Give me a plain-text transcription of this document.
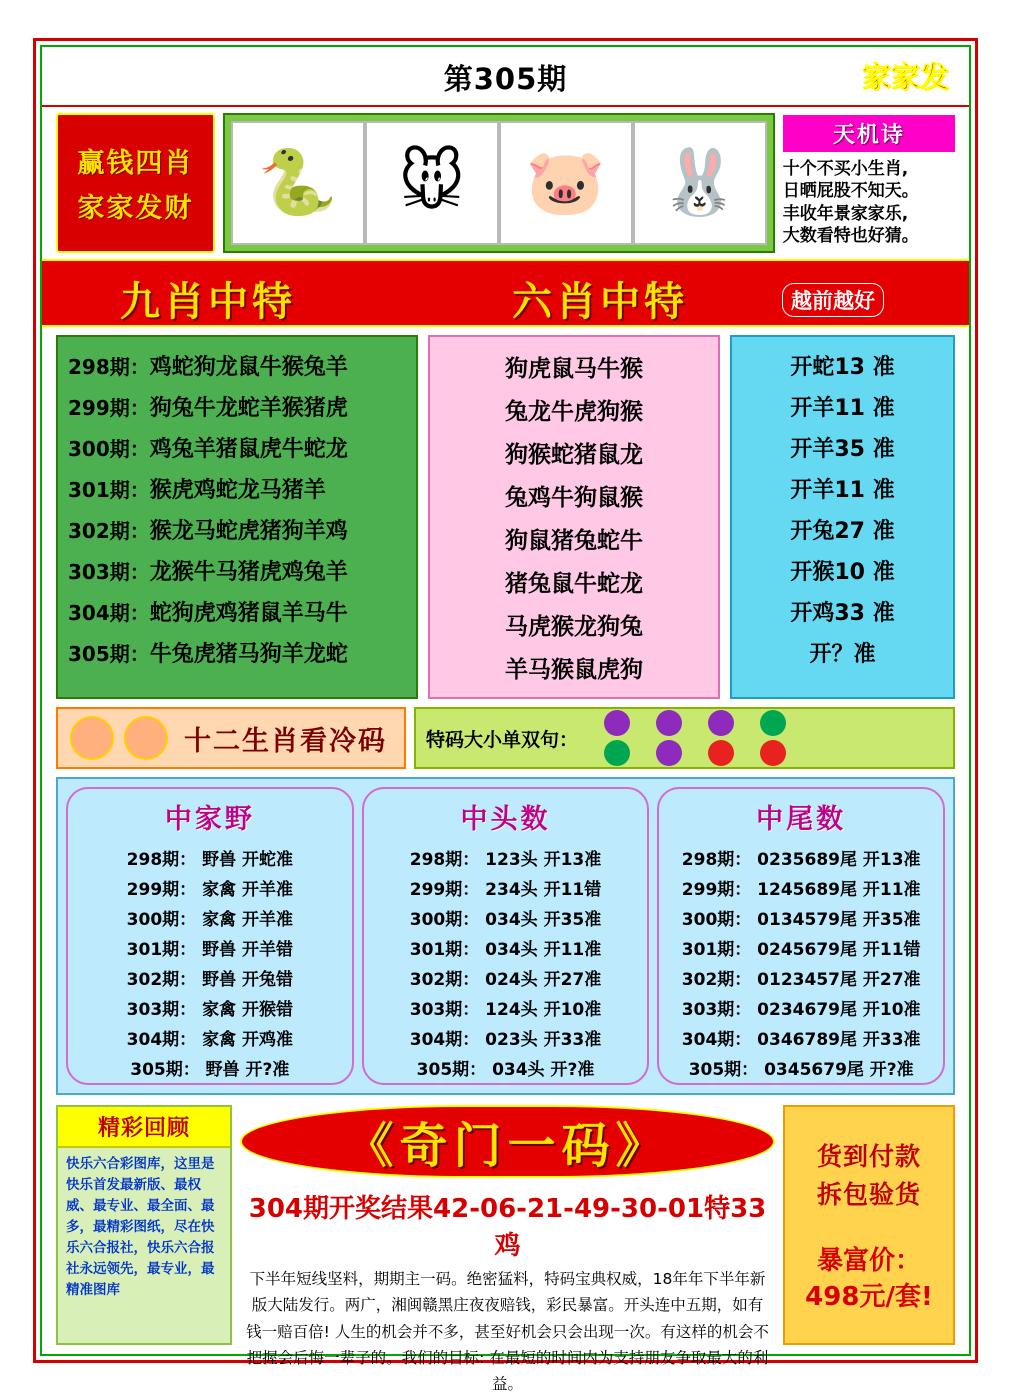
第305期	家家发
赢钱四肖
家家发财	🐍 🐭 🐷 🐰
天机诗
十个不买小生肖,
日晒屁股不知天。
丰收年景家家乐,
大数看特也好猜。
九肖中特	六肖中特	越前越好
298期：鸡蛇狗龙鼠牛猴兔羊
299期：狗兔牛龙蛇羊猴猪虎
300期：鸡兔羊猪鼠虎牛蛇龙
301期：猴虎鸡蛇龙马猪羊
302期：猴龙马蛇虎猪狗羊鸡
303期：龙猴牛马猪虎鸡兔羊
304期：蛇狗虎鸡猪鼠羊马牛
305期：牛兔虎猪马狗羊龙蛇
狗虎鼠马牛猴
兔龙牛虎狗猴
狗猴蛇猪鼠龙
兔鸡牛狗鼠猴
狗鼠猪兔蛇牛
猪兔鼠牛蛇龙
马虎猴龙狗兔
羊马猴鼠虎狗
开蛇13 准
开羊11 准
开羊35 准
开羊11 准
开兔27 准
开猴10 准
开鸡33 准
开？准
十二生肖看冷码 特码大小单双句：
中家野
298期： 野兽 开蛇准
299期： 家禽 开羊准
300期： 家禽 开羊准
301期： 野兽 开羊错
302期： 野兽 开兔错
303期： 家禽 开猴错
304期： 家禽 开鸡准
305期： 野兽 开?准
中头数
298期： 123头 开13准
299期： 234头 开11错
300期： 034头 开35准
301期： 034头 开11准
302期： 024头 开27准
303期： 124头 开10准
304期： 023头 开33准
305期： 034头 开?准
中尾数
298期： 0235689尾 开13准
299期： 1245689尾 开11准
300期： 0134579尾 开35准
301期： 0245679尾 开11错
302期： 0123457尾 开27准
303期： 0234679尾 开10准
304期： 0346789尾 开33准
305期： 0345679尾 开?准
精彩回顾
快乐六合彩图库，这里是快乐首发最新版、最权威、最专业、最全面、最多，最精彩图纸，尽在快乐六合报社，快乐六合报社永远领先，最专业，最精准图库
《奇门一码》
304期开奖结果42-06-21-49-30-01特33鸡
下半年短线坚料，期期主一码。绝密猛料，特码宝典权威，18年年下半年新版大陆发行。两广，湘闽赣黑庄夜夜赔钱，彩民暴富。开头连中五期，如有钱一赔百倍! 人生的机会并不多，甚至好机会只会出现一次。有这样的机会不把握会后悔一辈子的。我们的目标: 在最短的时间内为支持朋友争取最大的利益。
货到付款
拆包验货
暴富价：
498元/套!
